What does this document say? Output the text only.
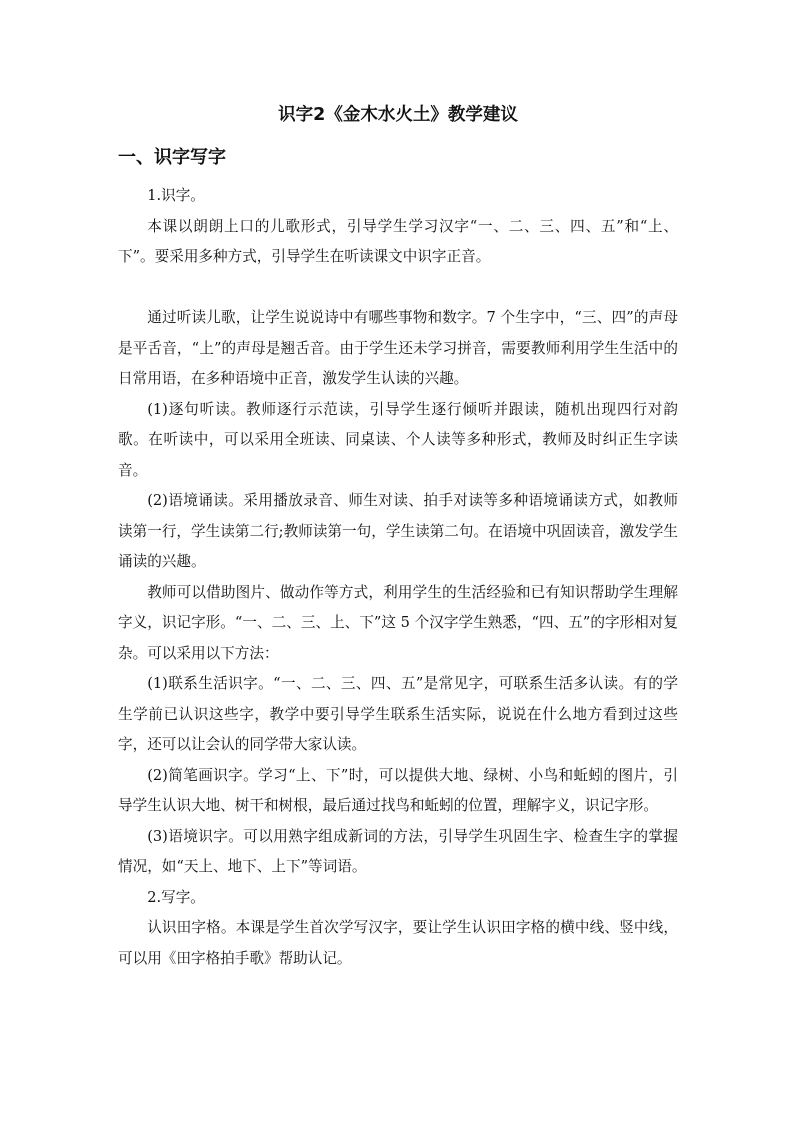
识字2《金木水火土》教学建议
一、识字写字

1.识字。

本课以朗朗上口的儿歌形式，引导学生学习汉字“一、二、三、四、五”和“上、下”。要采用多种方式，引导学生在听读课文中识字正音。

通过听读儿歌，让学生说说诗中有哪些事物和数字。7 个生字中，“三、四”的声母是平舌音，“上”的声母是翘舌音。由于学生还未学习拼音，需要教师利用学生生活中的日常用语，在多种语境中正音，激发学生认读的兴趣。

(1)逐句听读。教师逐行示范读，引导学生逐行倾听并跟读，随机出现四行对韵歌。在听读中，可以采用全班读、同桌读、个人读等多种形式，教师及时纠正生字读音。

(2)语境诵读。采用播放录音、师生对读、拍手对读等多种语境诵读方式，如教师读第一行，学生读第二行;教师读第一句，学生读第二句。在语境中巩固读音，激发学生诵读的兴趣。

教师可以借助图片、做动作等方式，利用学生的生活经验和已有知识帮助学生理解字义，识记字形。“一、二、三、上、下”这 5 个汉字学生熟悉，“四、五”的字形相对复杂。可以采用以下方法：

(1)联系生活识字。“一、二、三、四、五”是常见字，可联系生活多认读。有的学生学前已认识这些字，教学中要引导学生联系生活实际，说说在什么地方看到过这些字，还可以让会认的同学带大家认读。

(2)简笔画识字。学习“上、下”时，可以提供大地、绿树、小鸟和蚯蚓的图片，引导学生认识大地、树干和树根，最后通过找鸟和蚯蚓的位置，理解字义，识记字形。

(3)语境识字。可以用熟字组成新词的方法，引导学生巩固生字、检查生字的掌握情况，如“天上、地下、上下”等词语。

2.写字。

认识田字格。本课是学生首次学写汉字，要让学生认识田字格的横中线、竖中线，可以用《田字格拍手歌》帮助认记。
